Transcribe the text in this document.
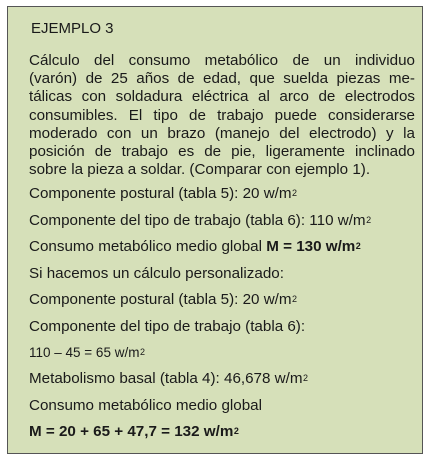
EJEMPLO 3
Cálculo del consumo metabólico de un individuo
(varón) de 25 años de edad, que suelda piezas me-
tálicas con soldadura eléctrica al arco de electrodos
consumibles. El tipo de trabajo puede considerarse
moderado con un brazo (manejo del electrodo) y la
posición de trabajo es de pie, ligeramente inclinado
sobre la pieza a soldar. (Comparar con ejemplo 1).
Componente postural (tabla 5): 20 $w/m^2$
Componente del tipo de trabajo (tabla 6): 110 $w/m^2$
Consumo metabólico medio global M = 130 $w/m^2$
Si hacemos un cálculo personalizado:
Componente postural (tabla 5): 20 $w/m^2$
Componente del tipo de trabajo (tabla 6):
110 – 45 = 65 $w/m^2$
Metabolismo basal (tabla 4): 46,678 $w/m^2$
Consumo metabólico medio global
M = 20 + 65 + 47,7 = 132 $w/m^2$
